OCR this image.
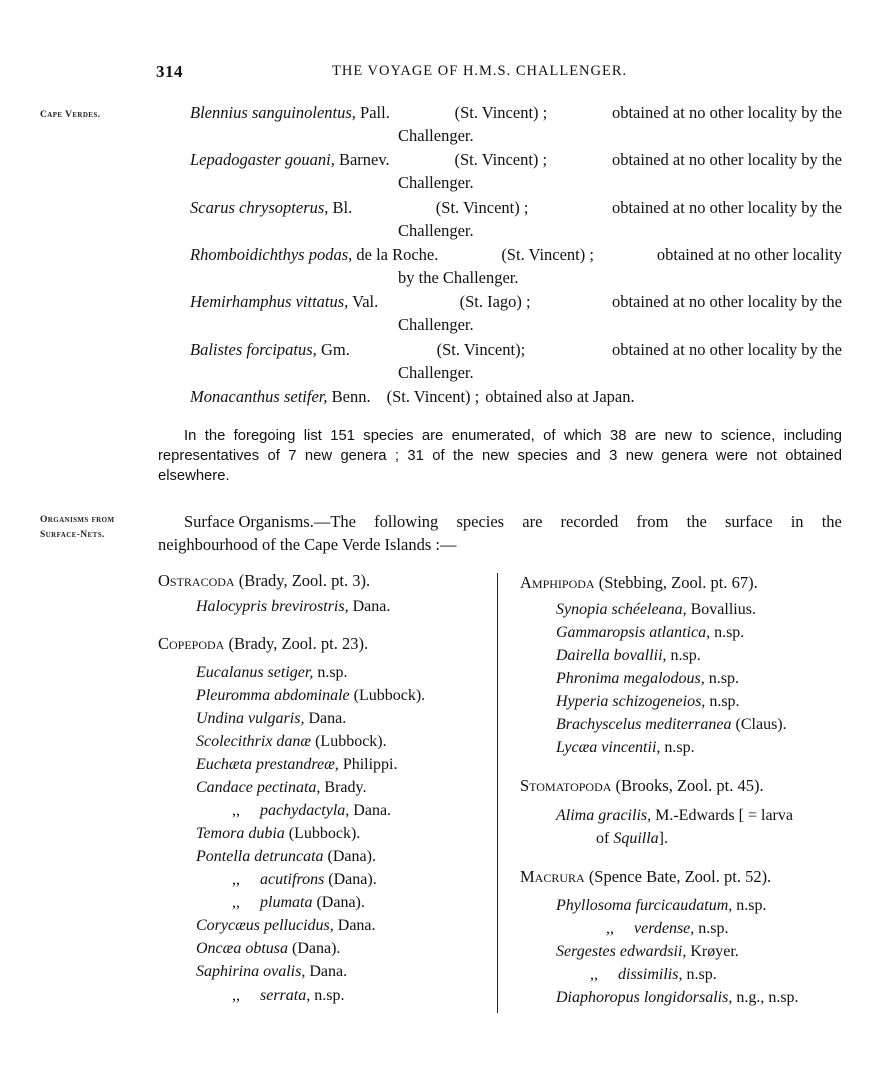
314	THE VOYAGE OF H.M.S. CHALLENGER.
Cape Verdes.
Organisms from
Surface-Nets.
Blennius sanguinolentus, Pall.	(St. Vincent) ;	obtained at no other locality by the
Challenger.
Lepadogaster gouani, Barnev.	(St. Vincent) ;	obtained at no other locality by the
Challenger.
Scarus chrysopterus, Bl.	(St. Vincent) ;	obtained at no other locality by the
Challenger.
Rhomboidichthys podas, de la Roche.	(St. Vincent) ;	obtained at no other locality
by the Challenger.
Hemirhamphus vittatus, Val.	(St. Iago) ;	obtained at no other locality by the
Challenger.
Balistes forcipatus, Gm.	(St. Vincent);	obtained at no other locality by the
Challenger.
Monacanthus setifer, Benn. (St. Vincent) ; obtained also at Japan.
In the foregoing list 151 species are enumerated, of which 38 are new to science, including representatives of 7 new genera ; 31 of the new species and 3 new genera were not obtained elsewhere.
Surface Organisms.—The following species are recorded from the surface in the
neighbourhood of the Cape Verde Islands :—
Ostracoda (Brady, Zool. pt. 3).
Halocypris brevirostris, Dana.
Copepoda (Brady, Zool. pt. 23).
Eucalanus setiger, n.sp.
Pleuromma abdominale (Lubbock).
Undina vulgaris, Dana.
Scolecithrix danæ (Lubbock).
Euchæta prestandreæ, Philippi.
Candace pectinata, Brady.
,, pachydactyla, Dana.
Temora dubia (Lubbock).
Pontella detruncata (Dana).
,, acutifrons (Dana).
,, plumata (Dana).
Corycæus pellucidus, Dana.
Oncæa obtusa (Dana).
Saphirina ovalis, Dana.
,, serrata, n.sp.
Amphipoda (Stebbing, Zool. pt. 67).
Synopia schéeleana, Bovallius.
Gammaropsis atlantica, n.sp.
Dairella bovallii, n.sp.
Phronima megalodous, n.sp.
Hyperia schizogeneios, n.sp.
Brachyscelus mediterranea (Claus).
Lycæa vincentii, n.sp.
Stomatopoda (Brooks, Zool. pt. 45).
Alima gracilis, M.-Edwards [ = larva
of Squilla].
Macrura (Spence Bate, Zool. pt. 52).
Phyllosoma furcicaudatum, n.sp.
,, verdense, n.sp.
Sergestes edwardsii, Krøyer.
,, dissimilis, n.sp.
Diaphoropus longidorsalis, n.g., n.sp.
